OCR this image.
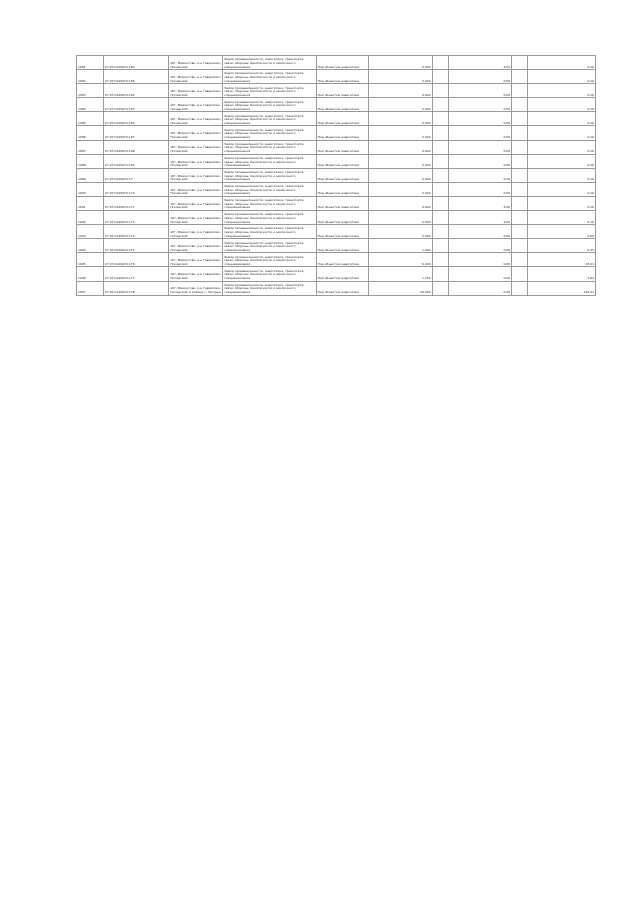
1081	27:07:0109015:183	хбт. Мамонтовк, р-н Гаврилово-Посадский	Земли промышленности, энергетики, транспорта, связи, обороны, безопасности и земли иного спецназначения	Под объектом энергетики	0,004		2,00		0,16
1082	27:07:0109015:185	хбт. Мамонтовк, р-н Гаврилово-Посадский	Земли промышленности, энергетики, транспорта, связи, обороны, безопасности и земли иного спецназначения	Под объектом энергетики	0,004		0,00		0,16
1083	27:07:0109015:162	хбт. Мамонтовк, р-н Гаврилово-Посадский	Земли промышленности, энергетики, транспорта, связи, обороны, безопасности и земли иного спецназначения	Под объектом энергетики	0,004		0,00		0,16
1084	27:07:0109015:163	хбт. Мамонтовк, р-н Гаврилово-Посадский	Земли промышленности, энергетики, транспорта, связи, обороны, безопасности и земли иного спецназначения	Под объектом энергетики	0,004		0,00		0,16
1085	27:07:0109015:164	хбт. Мамонтовк, р-н Гаврилово-Посадский	Земли промышленности, энергетики, транспорта, связи, обороны, безопасности и земли иного спецназначения	Под объектом энергетики	0,004		0,00		0,16
1086	27:07:0109015:167	хбт. Мамонтовк, р-н Гаврилово-Посадский	Земли промышленности, энергетики, транспорта, связи, обороны, безопасности и земли иного спецназначения	Под объектом энергетики	0,004		0,00		0,16
1087	27:07:0109015:168	хбт. Мамонтовк, р-н Гаврилово-Посадский	Земли промышленности, энергетики, транспорта, связи, обороны, безопасности и земли иного спецназначения	Под объектом энергетики	0,004		0,00		0,16
1088	27:07:0109015:169	хбт. Мамонтовк, р-н Гаврилово-Посадский	Земли промышленности, энергетики, транспорта, связи, обороны, безопасности и земли иного спецназначения	Под объектом энергетики	0,004		0,00		0,16
1089	27:07:0109015:17	хбт. Мамонтовк, р-н Гаврилово-Посадский	Земли промышленности, энергетики, транспорта, связи, обороны, безопасности и земли иного спецназначения	Под объектом энергетики	0,004		0,00		0,16
1090	27:07:0109015:170	хбт. Мамонтовк, р-н Гаврилово-Посадский	Земли промышленности, энергетики, транспорта, связи, обороны, безопасности и земли иного спецназначения	Под объектом энергетики	0,004		0,00		0,16
1091	27:07:0109015:171	хбт. Мамонтовк, р-н Гаврилово-Посадский	Земли промышленности, энергетики, транспорта, связи, обороны, безопасности и земли иного спецназначения	Под объектом энергетики	0,004		2,00		0,16
1092	27:07:0109015:172	хбт. Мамонтовк, р-н Гаврилово-Посадский	Земли промышленности, энергетики, транспорта, связи, обороны, безопасности и земли иного спецназначения	Под объектом энергетики	0,004		2,00		0,16
1093	27:07:0109015:174	хбт. Мамонтовк, р-н Гаврилово-Посадский	Земли промышленности, энергетики, транспорта, связи, обороны, безопасности и земли иного спецназначения	Под объектом энергетики	0,004		0,00		0,60
1094	27:07:0109015:175	хбт. Мамонтовк, р-н Гаврилово-Посадский	Земли промышленности, энергетики, транспорта, связи, обороны, безопасности и земли иного спецназначения	Под объектом энергетики	1,004		0,00		0,45
1095	27:07:0109015:176	хбт. Мамонтовк, р-н Гаврилово-Посадский	Земли промышленности, энергетики, транспорта, связи, обороны, безопасности и земли иного спецназначения	Под объектом энергетики	6,404		0,00		18,41
1096	27:07:0109015:177	хбт. Мамонтовк, р-н Гаврилово-Посадский	Земли промышленности, энергетики, транспорта, связи, обороны, безопасности и земли иного спецназначения	Под объектом энергетики	1,254		0,00		1,84
1097	27:07:0109015:178	хбт. Мамонтовк, р-н Гаврилово-Посадский, в районе с. Загорье	Земли промышленности, энергетики, транспорта, связи, обороны, безопасности и земли иного спецназначения	Под объектом энергетики	50,004		0,00		145,41
